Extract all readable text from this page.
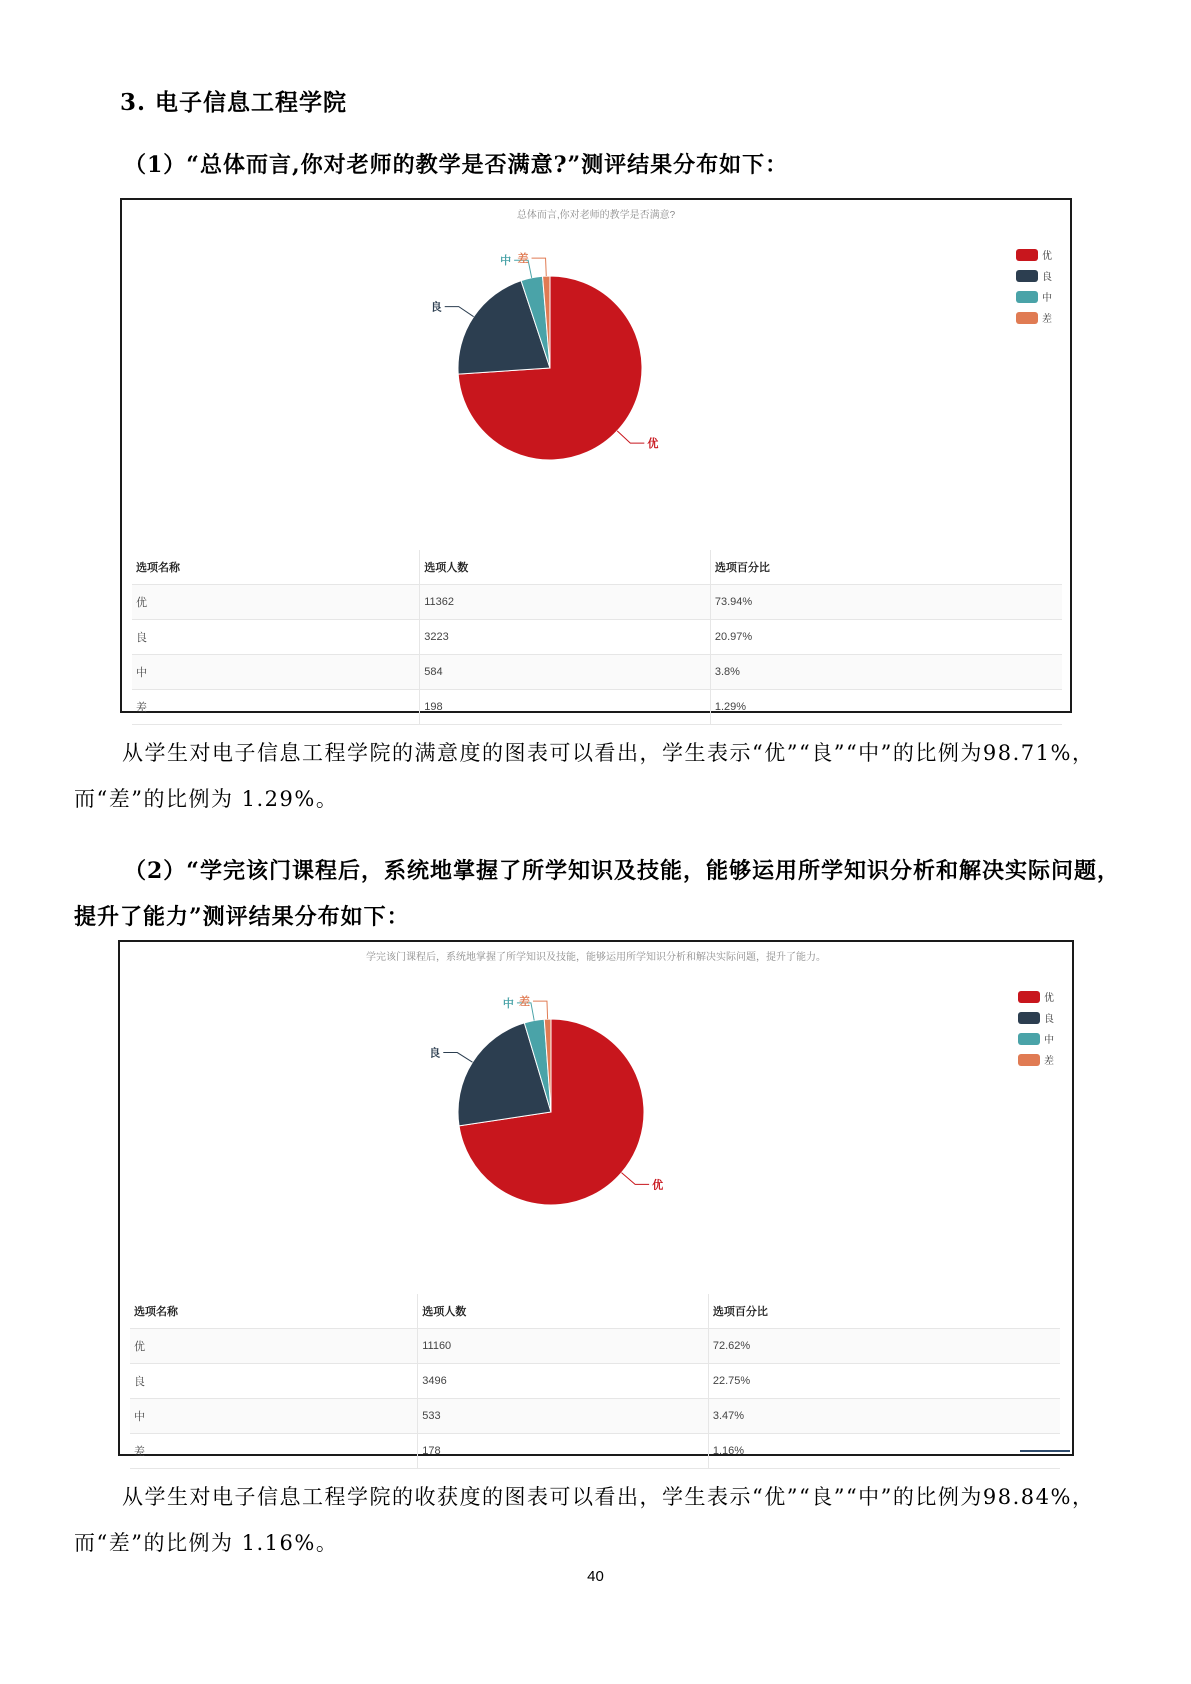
3. 电子信息工程学院
（1）“总体而言,你对老师的教学是否满意?”测评结果分布如下：
总体而言,你对老师的教学是否满意?
优
良
中 差	优
良
中
差
选项名称	选项人数	选项百分比
优	11362	73.94%
良	3223	20.97%
中	584	3.8%
差	198	1.29%
从学生对电子信息工程学院的满意度的图表可以看出，学生表示“优”“良”“中”的比例为98.71%，而“差”的比例为 1.29%。
（2）“学完该门课程后，系统地掌握了所学知识及技能，能够运用所学知识分析和解决实际问题，提升了能力”测评结果分布如下：
学完该门课程后，系统地掌握了所学知识及技能，能够运用所学知识分析和解决实际问题，提升了能力。
优
良
中 差	优
良
中
差
选项名称	选项人数	选项百分比
优	11160	72.62%
良	3496	22.75%
中	533	3.47%
差	178	1.16%
从学生对电子信息工程学院的收获度的图表可以看出，学生表示“优”“良”“中”的比例为98.84%，而“差”的比例为 1.16%。
40
